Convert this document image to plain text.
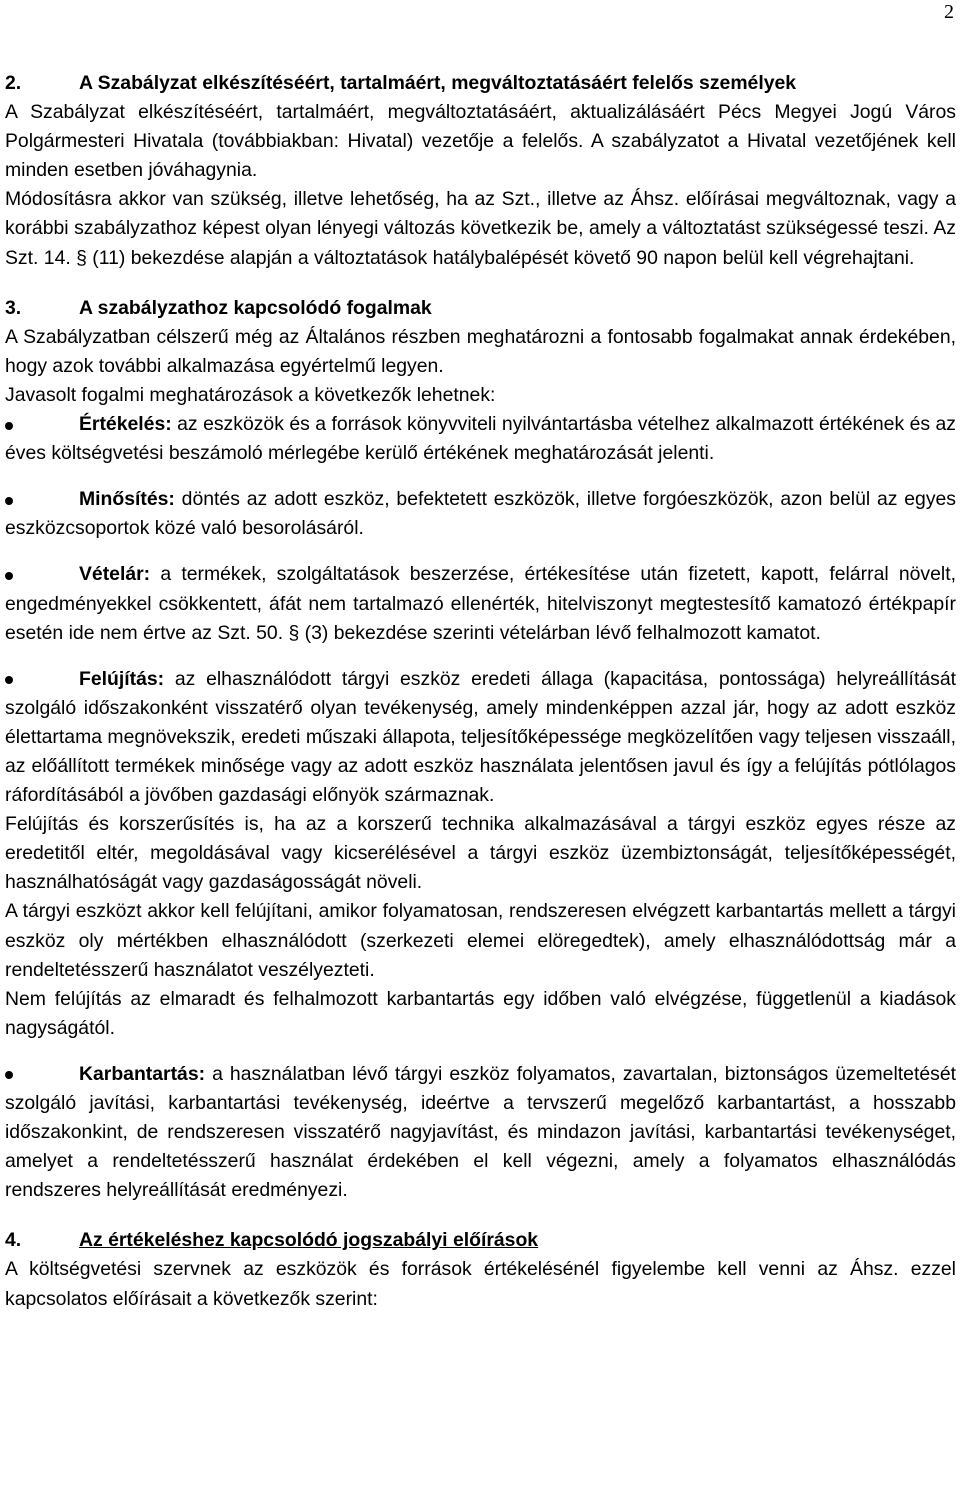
2
2.	A Szabályzat elkészítéséért, tartalmáért, megváltoztatásáért felelős személyek

A Szabályzat elkészítéséért, tartalmáért, megváltoztatásáért, aktualizálásáért Pécs Megyei Jogú Város Polgármesteri Hivatala (továbbiakban: Hivatal) vezetője a felelős. A szabályzatot a Hivatal vezetőjének kell minden esetben jóváhagynia.

Módosításra akkor van szükség, illetve lehetőség, ha az Szt., illetve az Áhsz. előírásai megváltoznak, vagy a korábbi szabályzathoz képest olyan lényegi változás következik be, amely a változtatást szükségessé teszi. Az Szt. 14. § (11) bekezdése alapján a változtatások hatálybalépését követő 90 napon belül kell végrehajtani.

3.	A szabályzathoz kapcsolódó fogalmak

A Szabályzatban célszerű még az Általános részben meghatározni a fontosabb fogalmakat annak érdekében, hogy azok további alkalmazása egyértelmű legyen.

Javasolt fogalmi meghatározások a következők lehetnek:

Értékelés: az eszközök és a források könyvviteli nyilvántartásba vételhez alkalmazott értékének és az éves költségvetési beszámoló mérlegébe kerülő értékének meghatározását jelenti.

Minősítés: döntés az adott eszköz, befektetett eszközök, illetve forgóeszközök, azon belül az egyes eszközcsoportok közé való besorolásáról.

Vételár: a termékek, szolgáltatások beszerzése, értékesítése után fizetett, kapott, felárral növelt, engedményekkel csökkentett, áfát nem tartalmazó ellenérték, hitelviszonyt megtestesítő kamatozó értékpapír esetén ide nem értve az Szt. 50. § (3) bekezdése szerinti vételárban lévő felhalmozott kamatot.

Felújítás: az elhasználódott tárgyi eszköz eredeti állaga (kapacitása, pontossága) helyreállítását szolgáló időszakonként visszatérő olyan tevékenység, amely mindenképpen azzal jár, hogy az adott eszköz élettartama megnövekszik, eredeti műszaki állapota, teljesítőképessége megközelítően vagy teljesen visszaáll, az előállított termékek minősége vagy az adott eszköz használata jelentősen javul és így a felújítás pótlólagos ráfordításából a jövőben gazdasági előnyök származnak.

Felújítás és korszerűsítés is, ha az a korszerű technika alkalmazásával a tárgyi eszköz egyes része az eredetitől eltér, megoldásával vagy kicserélésével a tárgyi eszköz üzembiztonságát, teljesítőképességét, használhatóságát vagy gazdaságosságát növeli.

A tárgyi eszközt akkor kell felújítani, amikor folyamatosan, rendszeresen elvégzett karbantartás mellett a tárgyi eszköz oly mértékben elhasználódott (szerkezeti elemei elöregedtek), amely elhasználódottság már a rendeltetésszerű használatot veszélyezteti.

Nem felújítás az elmaradt és felhalmozott karbantartás egy időben való elvégzése, függetlenül a kiadások nagyságától.

Karbantartás: a használatban lévő tárgyi eszköz folyamatos, zavartalan, biztonságos üzemeltetését szolgáló javítási, karbantartási tevékenység, ideértve a tervszerű megelőző karbantartást, a hosszabb időszakonkint, de rendszeresen visszatérő nagyjavítást, és mindazon javítási, karbantartási tevékenységet, amelyet a rendeltetésszerű használat érdekében el kell végezni, amely a folyamatos elhasználódás rendszeres helyreállítását eredményezi.

4.	Az értékeléshez kapcsolódó jogszabályi előírások

A költségvetési szervnek az eszközök és források értékelésénél figyelembe kell venni az Áhsz. ezzel kapcsolatos előírásait a következők szerint:
